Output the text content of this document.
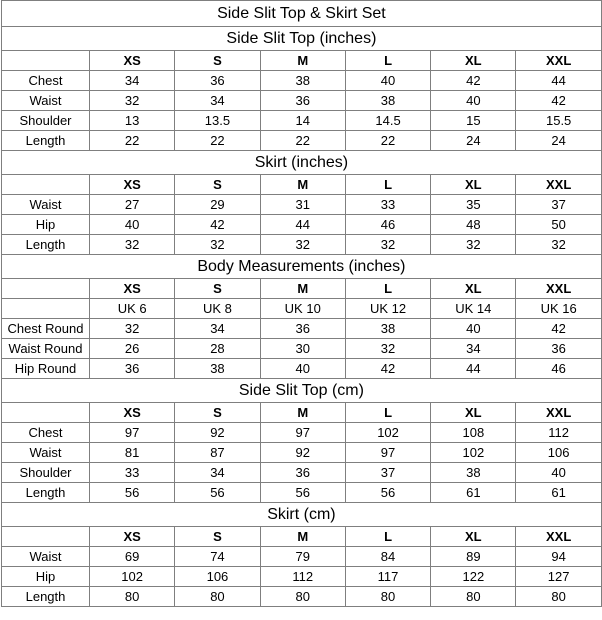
Side Slit Top & Skirt Set						
Side Slit Top (inches)						
	XS	S	M	L	XL	XXL
Chest	34	36	38	40	42	44
Waist	32	34	36	38	40	42
Shoulder	13	13.5	14	14.5	15	15.5
Length	22	22	22	22	24	24
Skirt (inches)						
	XS	S	M	L	XL	XXL
Waist	27	29	31	33	35	37
Hip	40	42	44	46	48	50
Length	32	32	32	32	32	32
Body Measurements (inches)						
	XS	S	M	L	XL	XXL
	UK 6	UK 8	UK 10	UK 12	UK 14	UK 16
Chest Round	32	34	36	38	40	42
Waist Round	26	28	30	32	34	36
Hip Round	36	38	40	42	44	46
Side Slit Top (cm)						
	XS	S	M	L	XL	XXL
Chest	97	92	97	102	108	112
Waist	81	87	92	97	102	106
Shoulder	33	34	36	37	38	40
Length	56	56	56	56	61	61
Skirt (cm)						
	XS	S	M	L	XL	XXL
Waist	69	74	79	84	89	94
Hip	102	106	112	117	122	127
Length	80	80	80	80	80	80
